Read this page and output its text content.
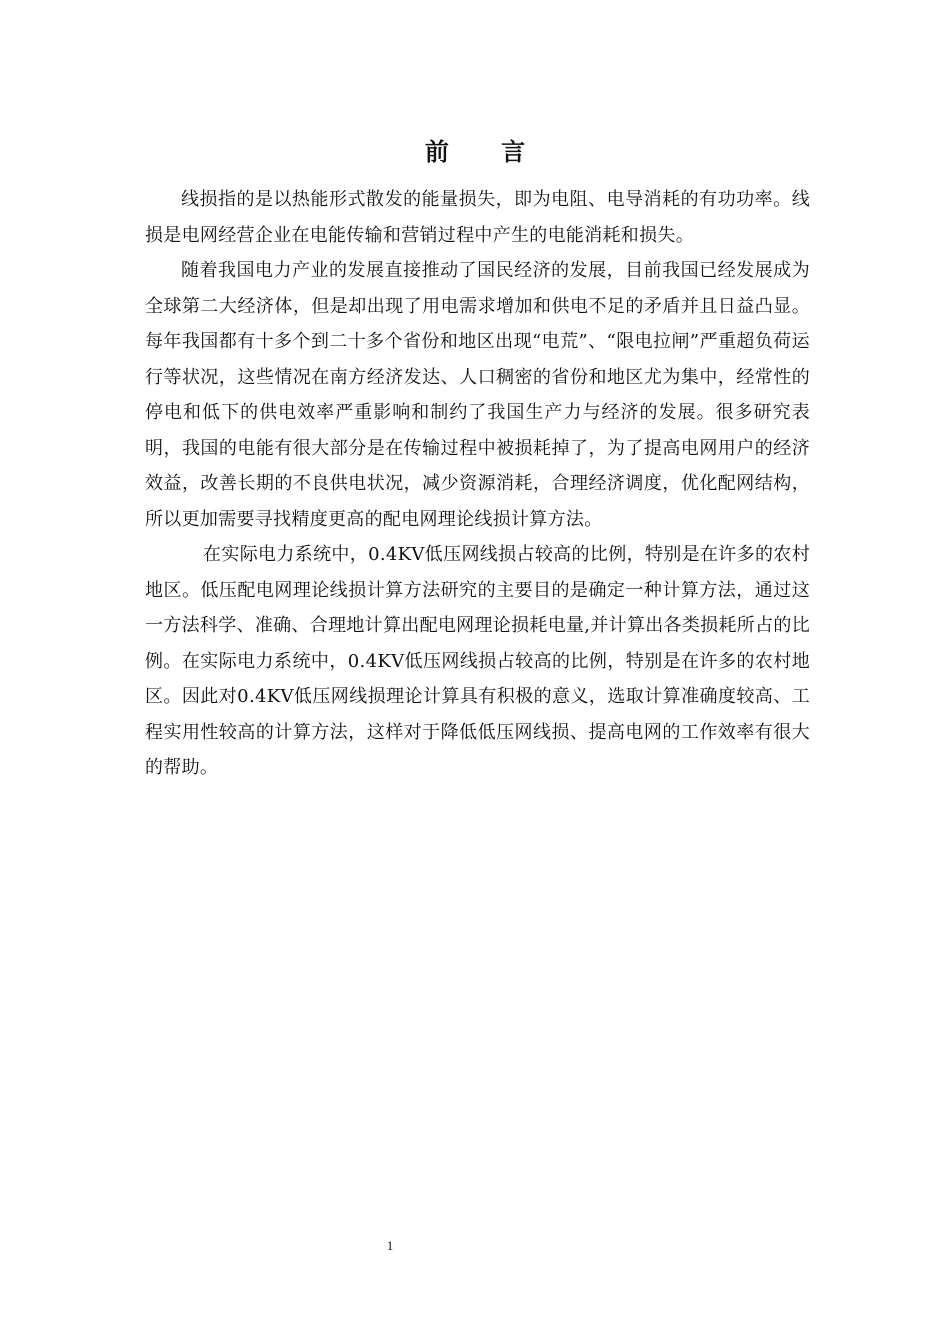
前 言

线损指的是以热能形式散发的能量损失，即为电阻、电导消耗的有功功率。线损是电网经营企业在电能传输和营销过程中产生的电能消耗和损失。

随着我国电力产业的发展直接推动了国民经济的发展，目前我国已经发展成为全球第二大经济体，但是却出现了用电需求增加和供电不足的矛盾并且日益凸显。每年我国都有十多个到二十多个省份和地区出现“电荒”、“限电拉闸”严重超负荷运行等状况，这些情况在南方经济发达、人口稠密的省份和地区尤为集中，经常性的停电和低下的供电效率严重影响和制约了我国生产力与经济的发展。很多研究表明，我国的电能有很大部分是在传输过程中被损耗掉了，为了提高电网用户的经济效益，改善长期的不良供电状况，减少资源消耗，合理经济调度，优化配网结构，所以更加需要寻找精度更高的配电网理论线损计算方法。

在实际电力系统中，0.4KV低压网线损占较高的比例，特别是在许多的农村地区。低压配电网理论线损计算方法研究的主要目的是确定一种计算方法，通过这一方法科学、准确、合理地计算出配电网理论损耗电量,并计算出各类损耗所占的比例。在实际电力系统中，0.4KV低压网线损占较高的比例，特别是在许多的农村地区。因此对0.4KV低压网线损理论计算具有积极的意义，选取计算准确度较高、工程实用性较高的计算方法，这样对于降低低压网线损、提高电网的工作效率有很大的帮助。

1
